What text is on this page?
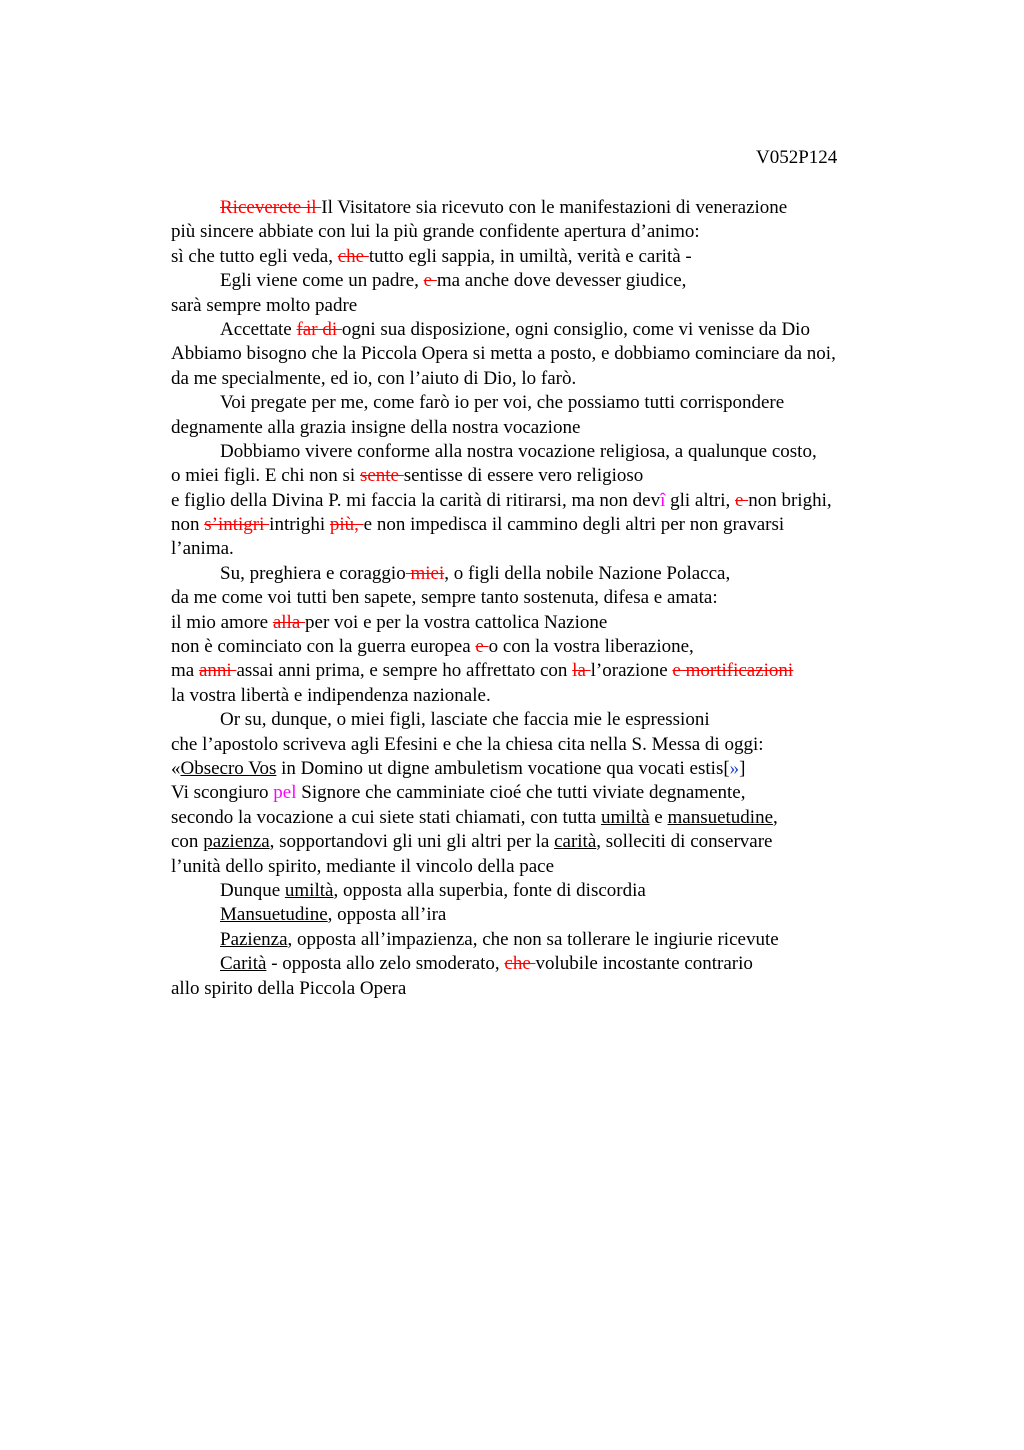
V052P124
Riceverete il Il Visitatore sia ricevuto con le manifestazioni di venerazione
più sincere abbiate con lui la più grande confidente apertura d’animo:
sì che tutto egli veda, che tutto egli sappia, in umiltà, verità e carità -
Egli viene come un padre, e ma anche dove devesser giudice,
sarà sempre molto padre
Accettate far di ogni sua disposizione, ogni consiglio, come vi venisse da Dio
Abbiamo bisogno che la Piccola Opera si metta a posto, e dobbiamo cominciare da noi,
da me specialmente, ed io, con l’aiuto di Dio, lo farò.
Voi pregate per me, come farò io per voi, che possiamo tutti corrispondere
degnamente alla grazia insigne della nostra vocazione
Dobbiamo vivere conforme alla nostra vocazione religiosa, a qualunque costo,
o miei figli. E chi non si sente sentisse di essere vero religioso
e figlio della Divina P. mi faccia la carità di ritirarsi, ma non devî gli altri, e non brighi,
non s’intigri intrighi più, e non impedisca il cammino degli altri per non gravarsi
l’anima.
Su, preghiera e coraggio miei, o figli della nobile Nazione Polacca,
da me come voi tutti ben sapete, sempre tanto sostenuta, difesa e amata:
il mio amore alla per voi e per la vostra cattolica Nazione
non è cominciato con la guerra europea e o con la vostra liberazione,
ma anni assai anni prima, e sempre ho affrettato con la l’orazione e mortificazioni
la vostra libertà e indipendenza nazionale.
Or su, dunque, o miei figli, lasciate che faccia mie le espressioni
che l’apostolo scriveva agli Efesini e che la chiesa cita nella S. Messa di oggi:
«Obsecro Vos in Domino ut digne ambuletism vocatione qua vocati estis[»]
Vi scongiuro pel Signore che camminiate cioé che tutti viviate degnamente,
secondo la vocazione a cui siete stati chiamati, con tutta umiltà e mansuetudine,
con pazienza, sopportandovi gli uni gli altri per la carità, solleciti di conservare
l’unità dello spirito, mediante il vincolo della pace
Dunque umiltà, opposta alla superbia, fonte di discordia
Mansuetudine, opposta all’ira
Pazienza, opposta all’impazienza, che non sa tollerare le ingiurie ricevute
Carità - opposta allo zelo smoderato, che volubile incostante contrario
allo spirito della Piccola Opera
